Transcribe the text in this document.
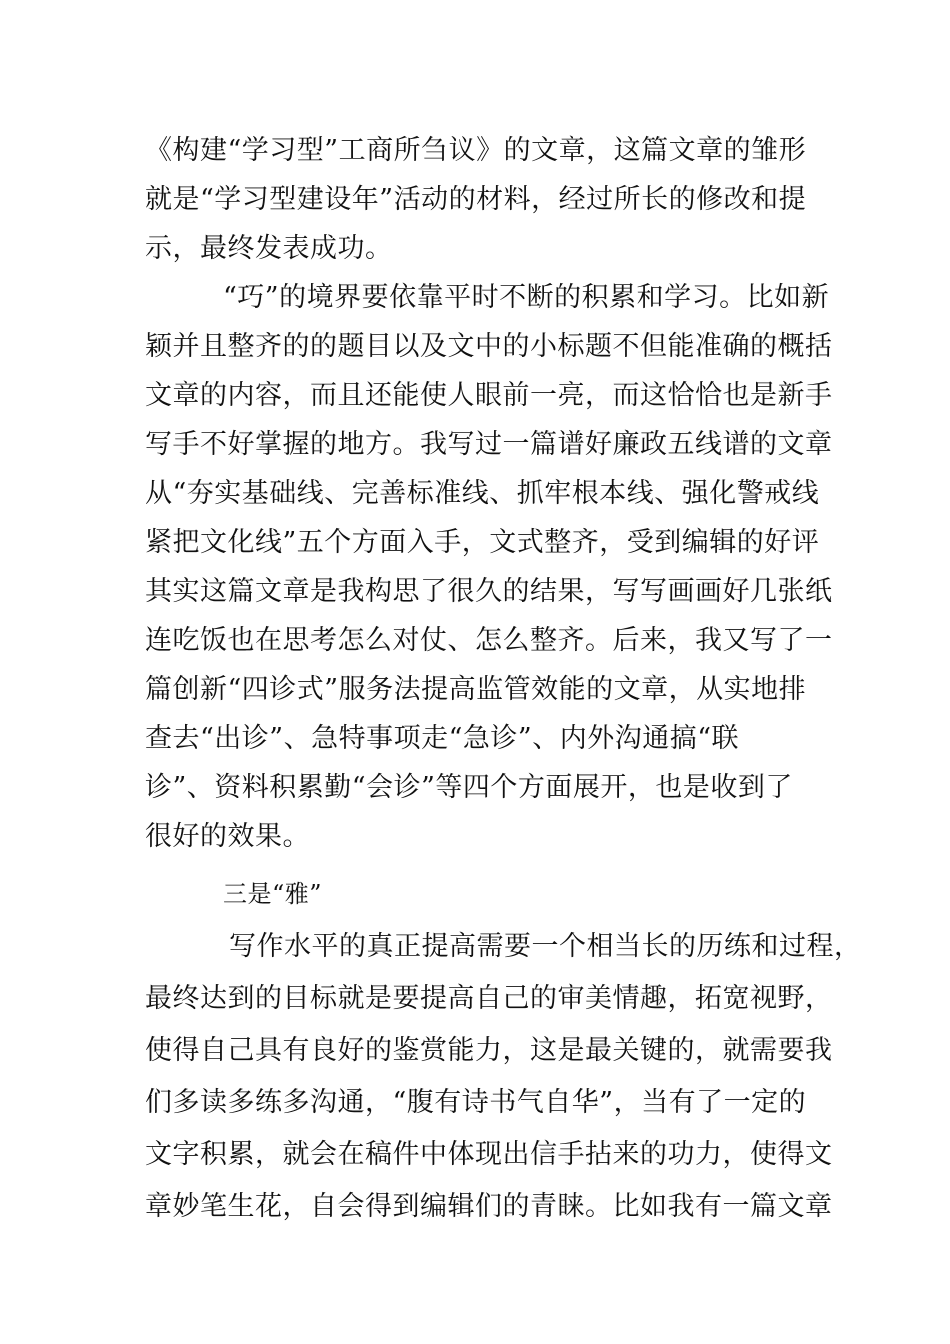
《构建“学习型”工商所刍议》的文章，这篇文章的雏形
就是“学习型建设年”活动的材料，经过所长的修改和提
示，最终发表成功。
“巧”的境界要依靠平时不断的积累和学习。比如新
颖并且整齐的的题目以及文中的小标题不但能准确的概括
文章的内容，而且还能使人眼前一亮，而这恰恰也是新手
写手不好掌握的地方。我写过一篇谱好廉政五线谱的文章
从“夯实基础线、完善标准线、抓牢根本线、强化警戒线
紧把文化线”五个方面入手，文式整齐，受到编辑的好评
其实这篇文章是我构思了很久的结果，写写画画好几张纸
连吃饭也在思考怎么对仗、怎么整齐。后来，我又写了一
篇创新“四诊式”服务法提高监管效能的文章，从实地排
查去“出诊”、急特事项走“急诊”、内外沟通搞“联
诊”、资料积累勤“会诊”等四个方面展开，也是收到了
很好的效果。
三是“雅”
写作水平的真正提高需要一个相当长的历练和过程，
最终达到的目标就是要提高自己的审美情趣，拓宽视野，
使得自己具有良好的鉴赏能力，这是最关键的，就需要我
们多读多练多沟通，“腹有诗书气自华”，当有了一定的
文字积累，就会在稿件中体现出信手拈来的功力，使得文
章妙笔生花，自会得到编辑们的青睐。比如我有一篇文章
